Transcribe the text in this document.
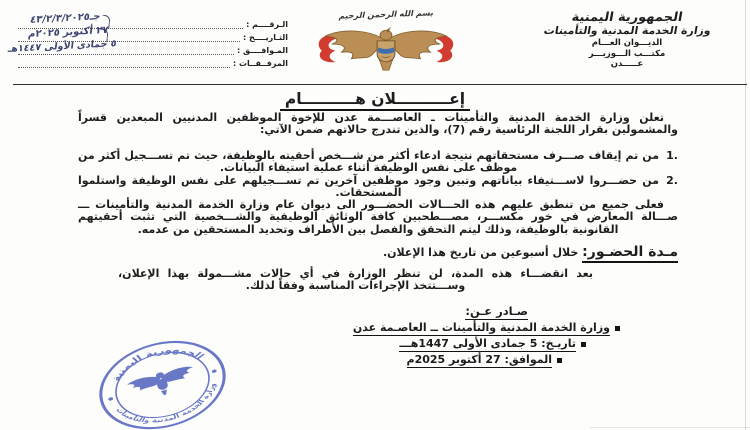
الـرقــــم :
التـاريــــخ :
المـوافــــق :
المرفــقــات :
جـ٤٣/٢/٣/٢٠٢٥
٢٧ أكتوبر ٢٠٢٥م
٥ جمادى الأولى ١٤٤٧هـ
الجمهورية اليمنية
وزارة الخدمة المدنية والتأمينات
الديـــوان العـــام
مكتـــب الـــوزيـــر
عـــــدن
بسم الله الرحمن الرحيم
إعــــــــــلان هــــــــــام
تعلن وزارة الخدمة المدنية والتأمينات ـ العاصـــمة عدن للإخوة الموظفين المدنيين المبعدين قسراً والمشمولين بقرار اللجنة الرئاسية رقم (7)، والذين تندرج حالاتهم ضمن الآتي:
1.
من تم إيقاف صـــرف مستحقاتهم نتيجة ادعاء أكثر من شـــخص أحقيته بالوظيفة، حيث تم تســـجيل أكثر من موظف على نفس الوظيفة أثناء عملية استيفاء البيانات.
2.
من حضـــروا لاســـتيفاء بياناتهم وتبين وجود موظفين آخرين تم تســـجيلهم على نفس الوظيفة واستلموا المستحقات.
فعلى جميع من تنطبق عليهم هذه الحـــالات الحضـــور الى ديوان عام وزارة الخدمة المدنية والتأمينات ـــ صـــالة المعارض في خور مكســـر، مصـــطحبين كافة الوثائق الوظيفية والشـــخصية التي تثبت أحقيتهم القانونية بالوظيفة، وذلك ليتم التحقق والفصل بين الأطراف وتحديد المستحقين من عدمه.
مـدة الحضـور: خلال أسبوعين من تاريخ هذا الإعلان.
بعد انقضـــاء هذه المدة، لن تنظر الوزارة في أي حالات مشـــمولة بهذا الإعلان، وســـتتخذ الإجراءات المناسبة وفقاً لذلك.
صـادر عـن:
وزارة الخدمة المدنية والتأمينات ــ العاصـمة عدن
تاريـخ: 5 جمادى الأولى 1447هـــ
الموافق: 27 أكتوبر 2025م
الجمهورية اليمنية
وزارة الخدمة المدنية والتأمينات
